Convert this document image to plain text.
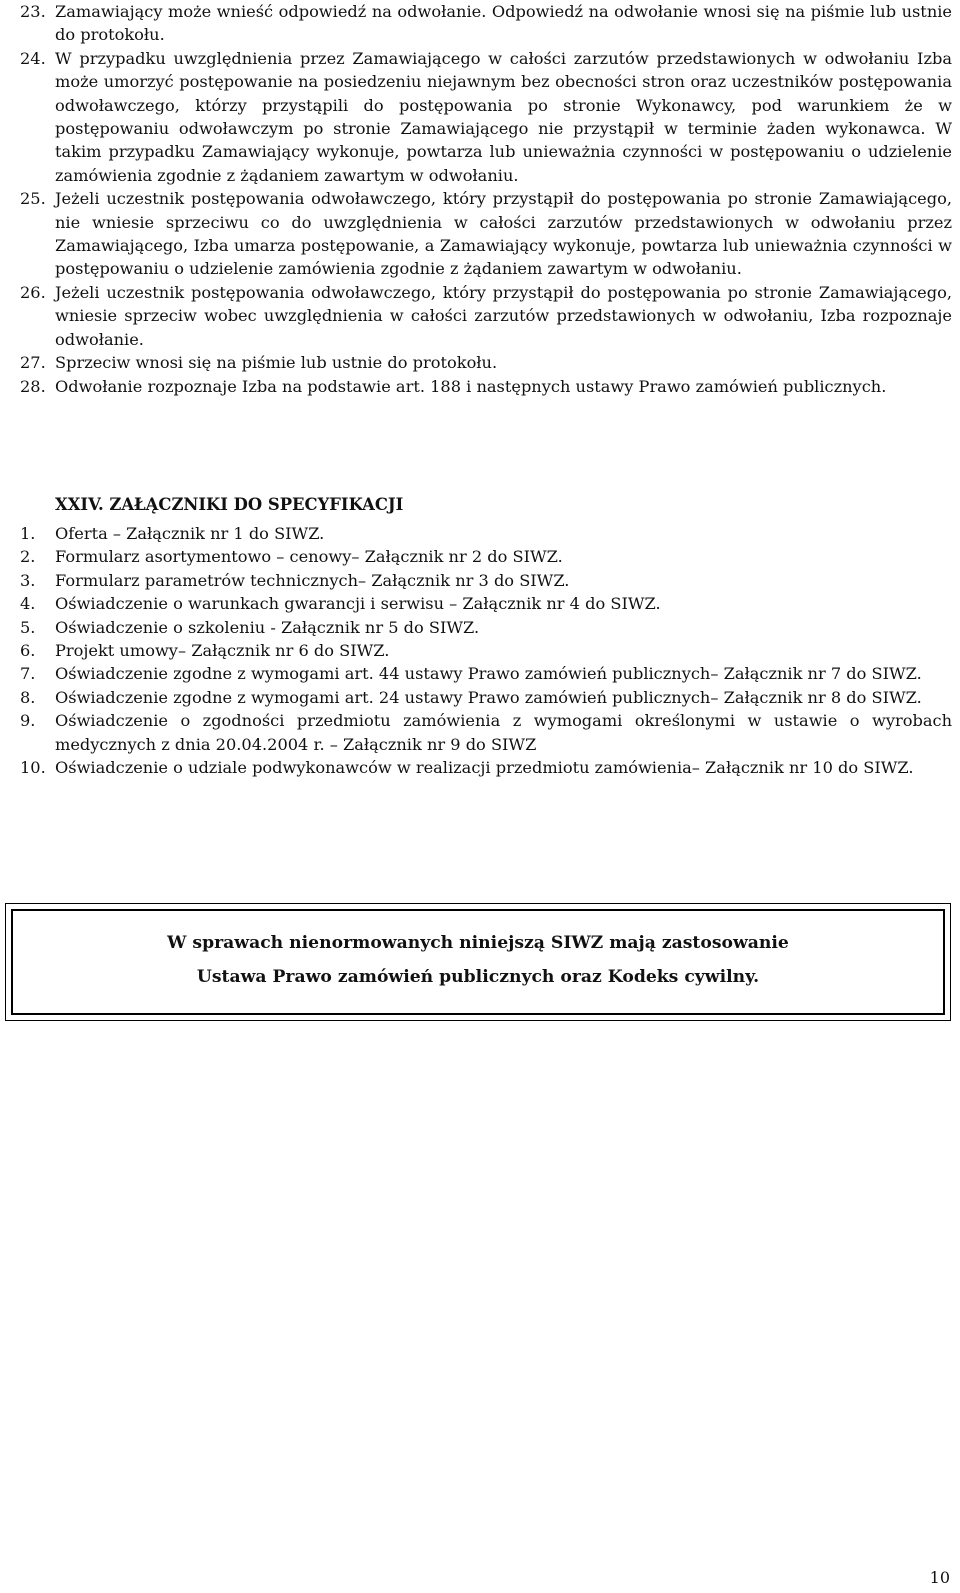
23. Zamawiający może wnieść odpowiedź na odwołanie. Odpowiedź na odwołanie wnosi się na piśmie lub ustnie do protokołu.
24. W przypadku uwzględnienia przez Zamawiającego w całości zarzutów przedstawionych w odwołaniu Izba może umorzyć postępowanie na posiedzeniu niejawnym bez obecności stron oraz uczestników postępowania odwoławczego, którzy przystąpili do postępowania po stronie Wykonawcy, pod warunkiem że w postępowaniu odwoławczym po stronie Zamawiającego nie przystąpił w terminie żaden wykonawca. W takim przypadku Zamawiający wykonuje, powtarza lub unieważnia czynności w postępowaniu o udzielenie zamówienia zgodnie z żądaniem zawartym w odwołaniu.
25. Jeżeli uczestnik postępowania odwoławczego, który przystąpił do postępowania po stronie Zamawiającego, nie wniesie sprzeciwu co do uwzględnienia w całości zarzutów przedstawionych w odwołaniu przez Zamawiającego, Izba umarza postępowanie, a Zamawiający wykonuje, powtarza lub unieważnia czynności w postępowaniu o udzielenie zamówienia zgodnie z żądaniem zawartym w odwołaniu.
26. Jeżeli uczestnik postępowania odwoławczego, który przystąpił do postępowania po stronie Zamawiającego, wniesie sprzeciw wobec uwzględnienia w całości zarzutów przedstawionych w odwołaniu, Izba rozpoznaje odwołanie.
27. Sprzeciw wnosi się na piśmie lub ustnie do protokołu.
28. Odwołanie rozpoznaje Izba na podstawie art. 188 i następnych ustawy Prawo zamówień publicznych.
XXIV. ZAŁĄCZNIKI DO SPECYFIKACJI
1. Oferta – Załącznik nr 1 do SIWZ.
2. Formularz asortymentowo – cenowy– Załącznik nr 2 do SIWZ.
3. Formularz parametrów technicznych– Załącznik nr 3 do SIWZ.
4. Oświadczenie o warunkach gwarancji i serwisu – Załącznik nr 4 do SIWZ.
5. Oświadczenie o szkoleniu - Załącznik nr 5 do SIWZ.
6. Projekt umowy– Załącznik nr 6 do SIWZ.
7. Oświadczenie zgodne z wymogami art. 44 ustawy Prawo zamówień publicznych– Załącznik nr 7 do SIWZ.
8. Oświadczenie zgodne z wymogami art. 24 ustawy Prawo zamówień publicznych– Załącznik nr 8 do SIWZ.
9. Oświadczenie o zgodności przedmiotu zamówienia z wymogami określonymi w ustawie o wyrobach medycznych z dnia 20.04.2004 r. – Załącznik nr 9 do SIWZ
10. Oświadczenie o udziale podwykonawców w realizacji przedmiotu zamówienia– Załącznik nr 10 do SIWZ.

W sprawach nienormowanych niniejszą SIWZ mają zastosowanie

Ustawa Prawo zamówień publicznych oraz Kodeks cywilny.

10
